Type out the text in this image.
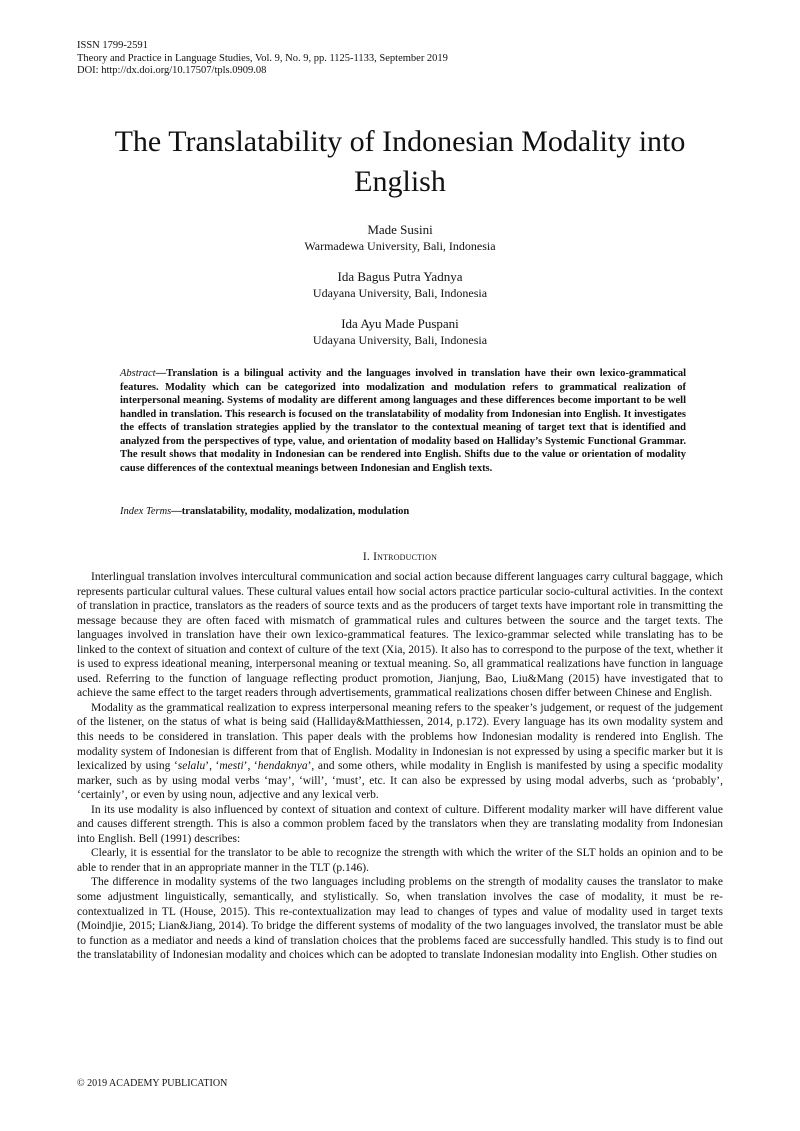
ISSN 1799-2591
Theory and Practice in Language Studies, Vol. 9, No. 9, pp. 1125-1133, September 2019
DOI: http://dx.doi.org/10.17507/tpls.0909.08
The Translatability of Indonesian Modality into
English
Made Susini
Warmadewa University, Bali, Indonesia
Ida Bagus Putra Yadnya
Udayana University, Bali, Indonesia
Ida Ayu Made Puspani
Udayana University, Bali, Indonesia

Abstract—Translation is a bilingual activity and the languages involved in translation have their own lexico-grammatical features. Modality which can be categorized into modalization and modulation refers to grammatical realization of interpersonal meaning. Systems of modality are different among languages and these differences become important to be well handled in translation. This research is focused on the translatability of modality from Indonesian into English. It investigates the effects of translation strategies applied by the translator to the contextual meaning of target text that is identified and analyzed from the perspectives of type, value, and orientation of modality based on Halliday’s Systemic Functional Grammar. The result shows that modality in Indonesian can be rendered into English. Shifts due to the value or orientation of modality cause differences of the contextual meanings between Indonesian and English texts.

Index Terms—translatability, modality, modalization, modulation
I. Introduction

Interlingual translation involves intercultural communication and social action because different languages carry cultural baggage, which represents particular cultural values. These cultural values entail how social actors practice particular socio-cultural activities. In the context of translation in practice, translators as the readers of source texts and as the producers of target texts have important role in transmitting the message because they are often faced with mismatch of grammatical rules and cultures between the source and the target texts. The languages involved in translation have their own lexico-grammatical features. The lexico-grammar selected while translating has to be linked to the context of situation and context of culture of the text (Xia, 2015). It also has to correspond to the purpose of the text, whether it is used to express ideational meaning, interpersonal meaning or textual meaning. So, all grammatical realizations have function in language used. Referring to the function of language reflecting product promotion, Jianjung, Bao, Liu&Mang (2015) have investigated that to achieve the same effect to the target readers through advertisements, grammatical realizations chosen differ between Chinese and English.

Modality as the grammatical realization to express interpersonal meaning refers to the speaker’s judgement, or request of the judgement of the listener, on the status of what is being said (Halliday&Matthiessen, 2014, p.172). Every language has its own modality system and this needs to be considered in translation. This paper deals with the problems how Indonesian modality is rendered into English. The modality system of Indonesian is different from that of English. Modality in Indonesian is not expressed by using a specific marker but it is lexicalized by using ‘selalu’, ‘mesti’, ‘hendaknya’, and some others, while modality in English is manifested by using a specific modality marker, such as by using modal verbs ‘may’, ‘will’, ‘must’, etc. It can also be expressed by using modal adverbs, such as ‘probably’, ‘certainly’, or even by using noun, adjective and any lexical verb.

In its use modality is also influenced by context of situation and context of culture. Different modality marker will have different value and causes different strength. This is also a common problem faced by the translators when they are translating modality from Indonesian into English. Bell (1991) describes:

Clearly, it is essential for the translator to be able to recognize the strength with which the writer of the SLT holds an opinion and to be able to render that in an appropriate manner in the TLT (p.146).

The difference in modality systems of the two languages including problems on the strength of modality causes the translator to make some adjustment linguistically, semantically, and stylistically. So, when translation involves the case of modality, it must be re-contextualized in TL (House, 2015). This re-contextualization may lead to changes of types and value of modality used in target texts (Moindjie, 2015; Lian&Jiang, 2014). To bridge the different systems of modality of the two languages involved, the translator must be able to function as a mediator and needs a kind of translation choices that the problems faced are successfully handled. This study is to find out the translatability of Indonesian modality and choices which can be adopted to translate Indonesian modality into English. Other studies on

© 2019 ACADEMY PUBLICATION
